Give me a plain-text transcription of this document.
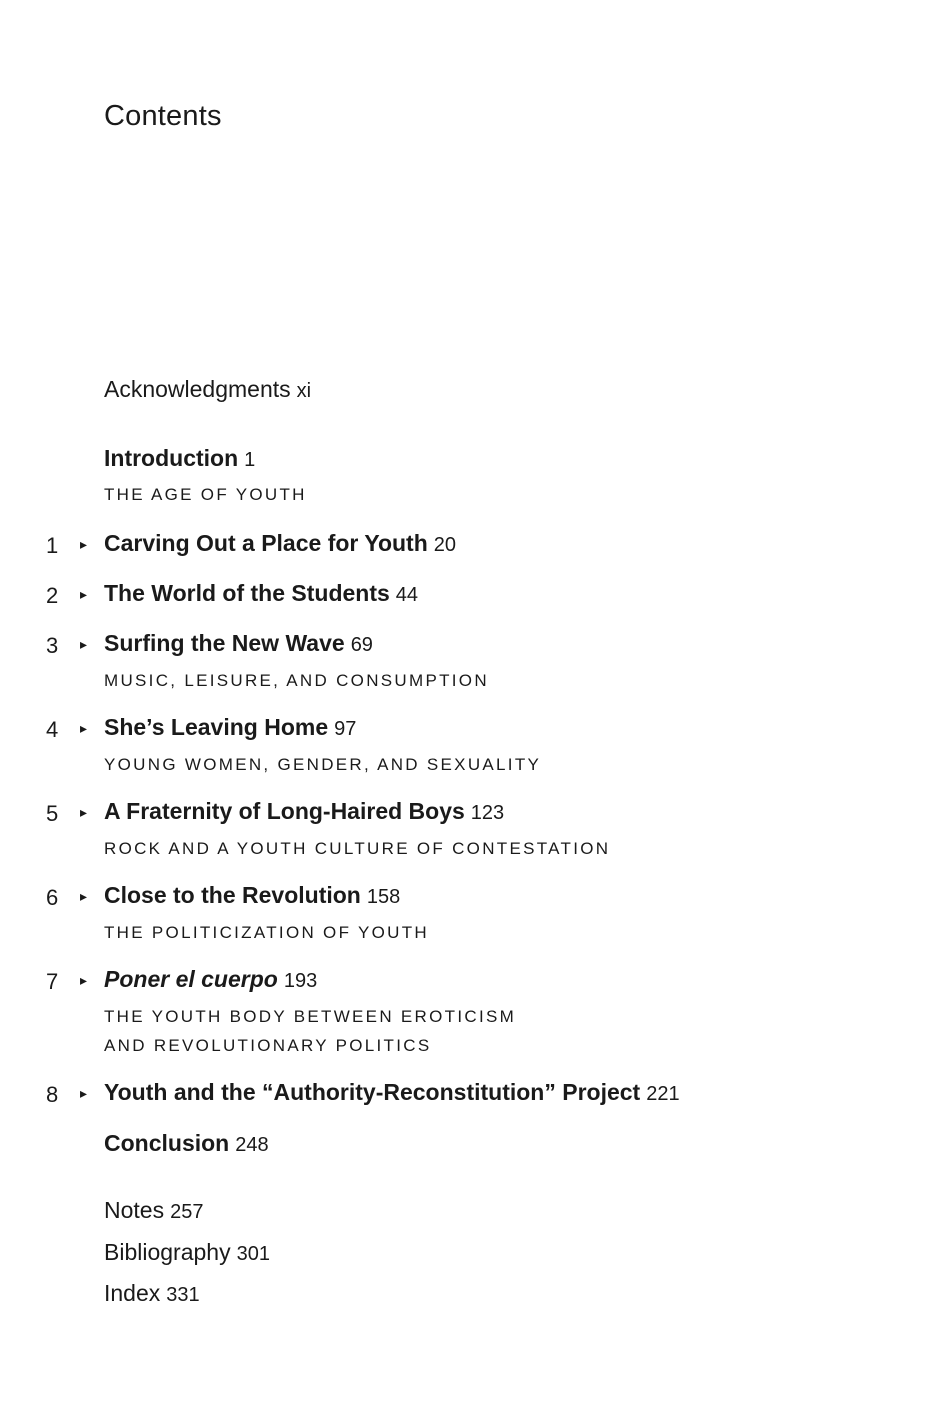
Contents
Acknowledgments xi
Introduction 1
THE AGE OF YOUTH
1	▸ Carving Out a Place for Youth 20
2	▸ The World of the Students 44
3	▸ Surfing the New Wave 69
MUSIC, LEISURE, AND CONSUMPTION
4	▸ She’s Leaving Home 97
YOUNG WOMEN, GENDER, AND SEXUALITY
5	▸ A Fraternity of Long-Haired Boys 123
ROCK AND A YOUTH CULTURE OF CONTESTATION
6	▸ Close to the Revolution 158
THE POLITICIZATION OF YOUTH
7	▸ Poner el cuerpo 193
THE YOUTH BODY BETWEEN EROTICISM
AND REVOLUTIONARY POLITICS
8	▸ Youth and the “Authority-Reconstitution” Project 221
Conclusion 248
Notes 257
Bibliography 301
Index 331
